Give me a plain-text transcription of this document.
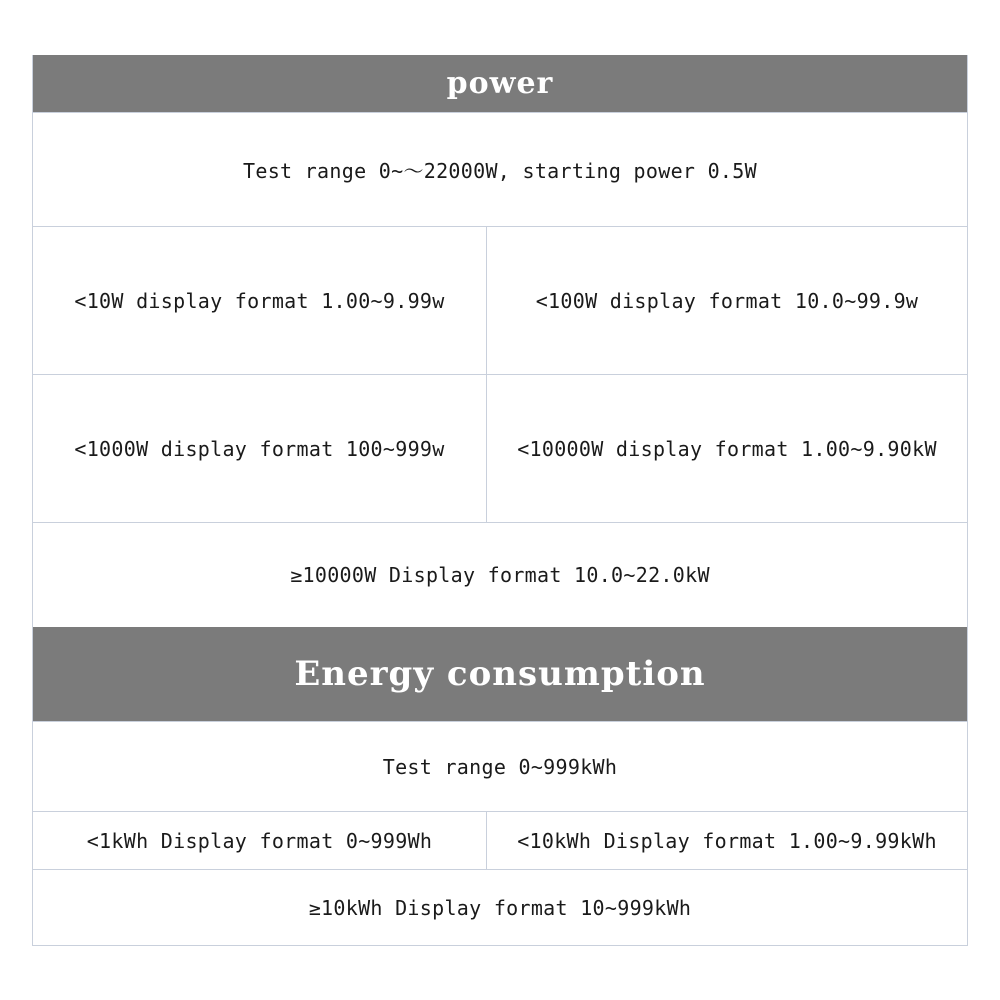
power
Test range 0~～22000W, starting power 0.5W
<10W display format 1.00~9.99w	<100W display format 10.0~99.9w
<1000W display format 100~999w	<10000W display format 1.00~9.90kW
≥10000W Display format 10.0~22.0kW
Energy consumption
Test range 0~999kWh
<1kWh Display format 0~999Wh	<10kWh Display format 1.00~9.99kWh
≥10kWh Display format 10~999kWh
